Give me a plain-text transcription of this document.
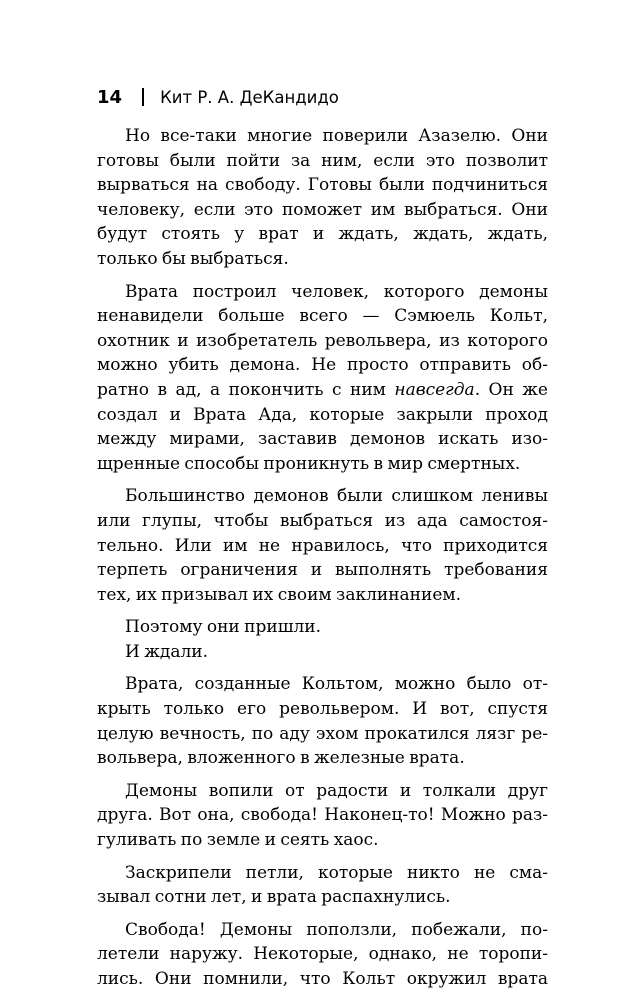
14 Кит Р. А. ДеКандидо
Но все-таки многие поверили Азазелю. Они
готовы были пойти за ним, если это позволит
вырваться на свободу. Готовы были подчиниться
человеку, если это поможет им выбраться. Они
будут стоять у врат и ждать, ждать, ждать,
только бы выбраться.
Врата построил человек, которого демоны
ненавидели больше всего — Сэмюель Кольт,
охотник и изобретатель револьвера, из которого
можно убить демона. Не просто отправить об-
ратно в ад, а покончить с ним навсегда. Он же
создал и Врата Ада, которые закрыли проход
между мирами, заставив демонов искать изо-
щренные способы проникнуть в мир смертных.
Большинство демонов были слишком ленивы
или глупы, чтобы выбраться из ада самостоя-
тельно. Или им не нравилось, что приходится
терпеть ограничения и выполнять требования
тех, их призывал их своим заклинанием.
Поэтому они пришли.
И ждали.
Врата, созданные Кольтом, можно было от-
крыть только его револьвером. И вот, спустя
целую вечность, по аду эхом прокатился лязг ре-
вольвера, вложенного в железные врата.
Демоны вопили от радости и толкали друг
друга. Вот она, свобода! Наконец-то! Можно раз-
гуливать по земле и сеять хаос.
Заскрипели петли, которые никто не сма-
зывал сотни лет, и врата распахнулись.
Свобода! Демоны поползли, побежали, по-
летели наружу. Некоторые, однако, не торопи-
лись. Они помнили, что Кольт окружил врата
